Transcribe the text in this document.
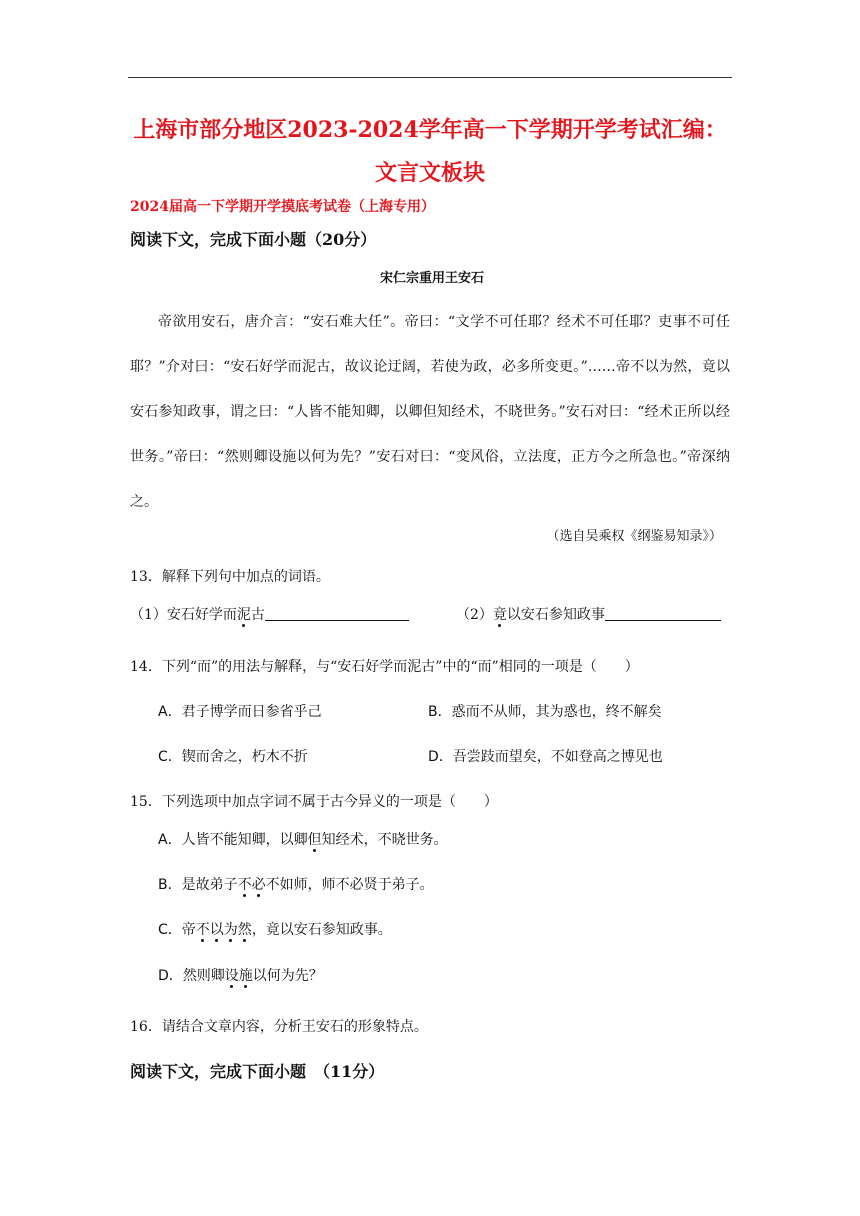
上海市部分地区2023-2024学年高一下学期开学考试汇编：
文言文板块
2024届高一下学期开学摸底考试卷（上海专用）
阅读下文，完成下面小题（20分）
宋仁宗重用王安石

帝欲用安石，唐介言：“安石难大任”。帝曰：“文学不可任耶？经术不可任耶？吏事不可任耶？”介对曰：“安石好学而泥古，故议论迂阔，若使为政，必多所变更。”……帝不以为然，竟以安石参知政事，谓之曰：“人皆不能知卿，以卿但知经术，不晓世务。”安石对曰：“经术正所以经世务。”帝曰：“然则卿设施以何为先？”安石对曰：“变风俗，立法度，正方今之所急也。”帝深纳之。

（选自吴乘权《纲鉴易知录》）
13．解释下列句中加点的词语。
（1）安石好学而泥古	（2）竟以安石参知政事
14．下列“而”的用法与解释，与“安石好学而泥古”中的“而”相同的一项是（　　）
A．君子博学而日参省乎己	B．惑而不从师，其为惑也，终不解矣
C．锲而舍之，朽木不折	D．吾尝跂而望矣，不如登高之博见也
15．下列选项中加点字词不属于古今异义的一项是（　　）
A．人皆不能知卿，以卿但知经术，不晓世务。
B．是故弟子不必不如师，师不必贤于弟子。
C．帝不以为然，竟以安石参知政事。
D．然则卿设施以何为先？
16．请结合文章内容，分析王安石的形象特点。
阅读下文，完成下面小题　（11分）
